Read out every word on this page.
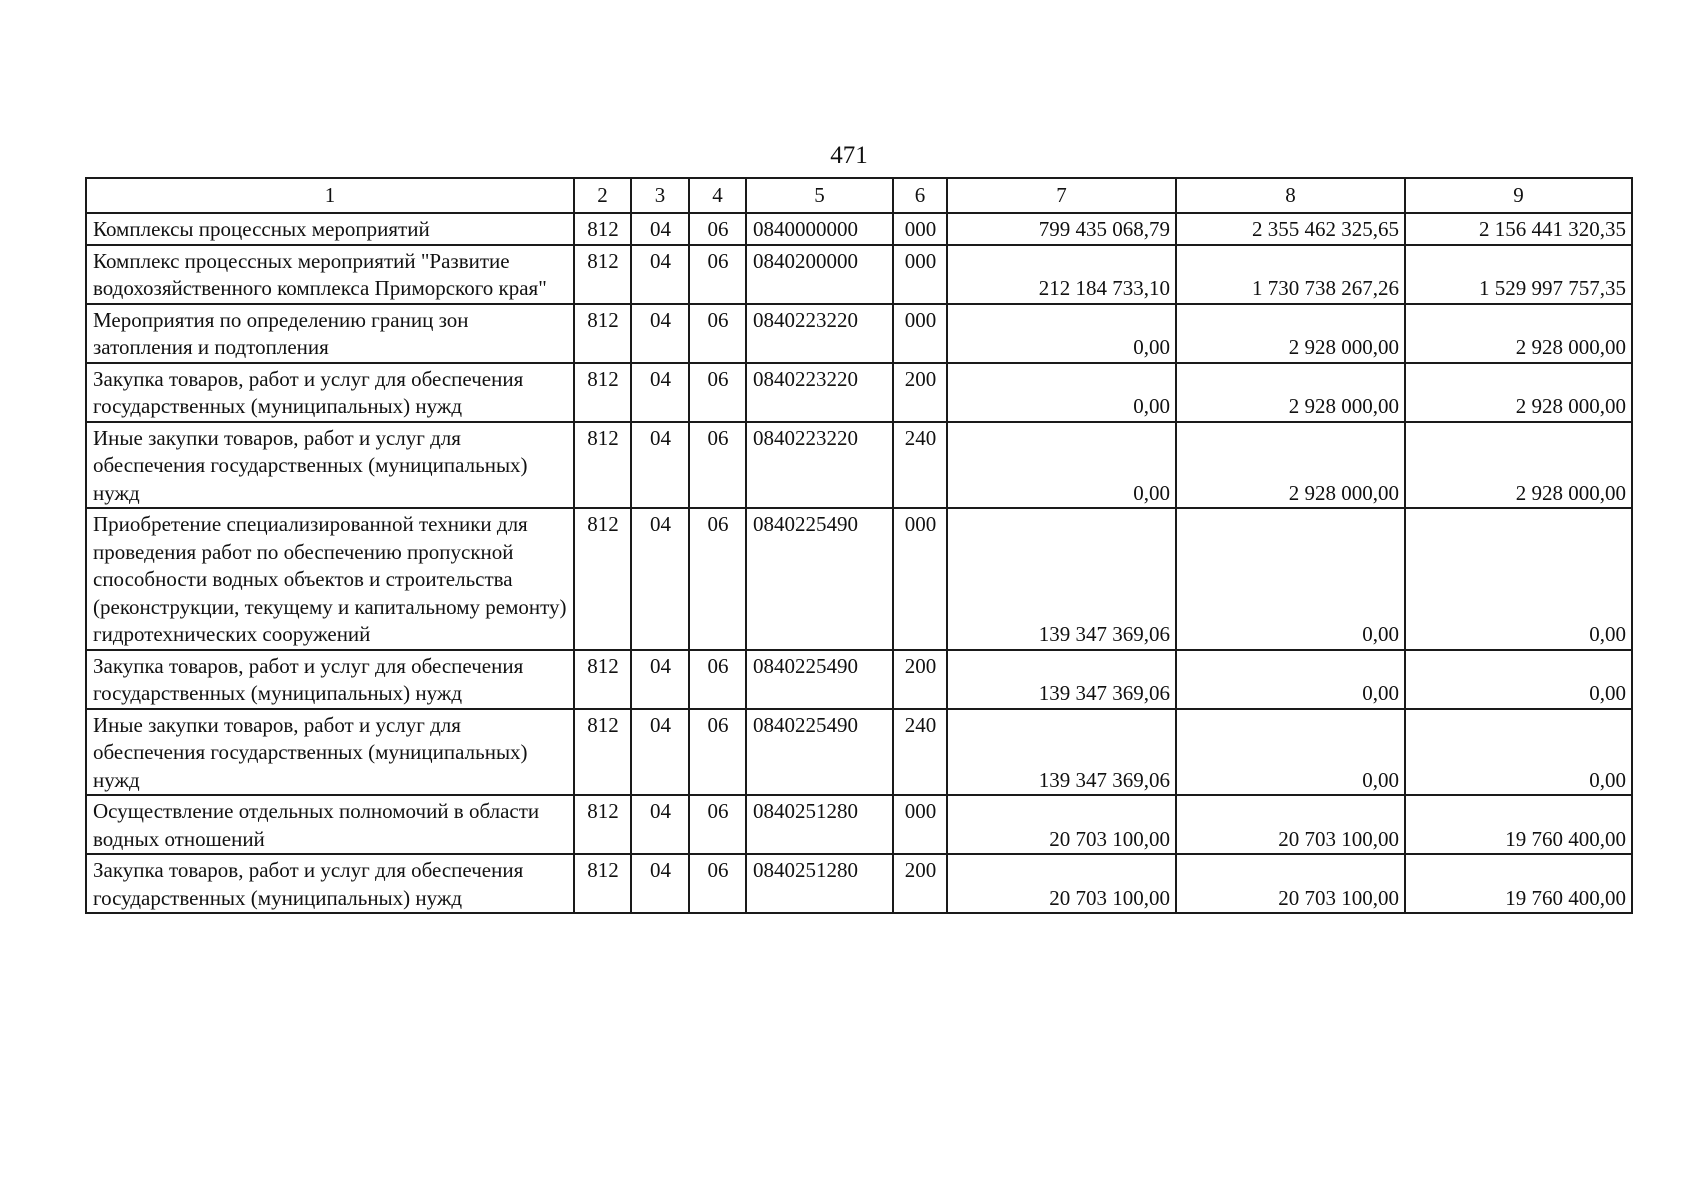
471
1	2	3	4	5	6	7	8	9
Комплексы процессных мероприятий	812	04	06	0840000000	000	799 435 068,79	2 355 462 325,65	2 156 441 320,35
Комплекс процессных мероприятий "Развитие водохозяйственного комплекса Приморского края"	812	04	06	0840200000	000	212 184 733,10	1 730 738 267,26	1 529 997 757,35
Мероприятия по определению границ зон затопления и подтопления	812	04	06	0840223220	000	0,00	2 928 000,00	2 928 000,00
Закупка товаров, работ и услуг для обеспечения государственных (муниципальных) нужд	812	04	06	0840223220	200	0,00	2 928 000,00	2 928 000,00
Иные закупки товаров, работ и услуг для обеспечения государственных (муниципальных) нужд	812	04	06	0840223220	240	0,00	2 928 000,00	2 928 000,00
Приобретение специализированной техники для проведения работ по обеспечению пропускной способности водных объектов и строительства (реконструкции, текущему и капитальному ремонту) гидротехнических сооружений	812	04	06	0840225490	000	139 347 369,06	0,00	0,00
Закупка товаров, работ и услуг для обеспечения государственных (муниципальных) нужд	812	04	06	0840225490	200	139 347 369,06	0,00	0,00
Иные закупки товаров, работ и услуг для обеспечения государственных (муниципальных) нужд	812	04	06	0840225490	240	139 347 369,06	0,00	0,00
Осуществление отдельных полномочий в области водных отношений	812	04	06	0840251280	000	20 703 100,00	20 703 100,00	19 760 400,00
Закупка товаров, работ и услуг для обеспечения государственных (муниципальных) нужд	812	04	06	0840251280	200	20 703 100,00	20 703 100,00	19 760 400,00
